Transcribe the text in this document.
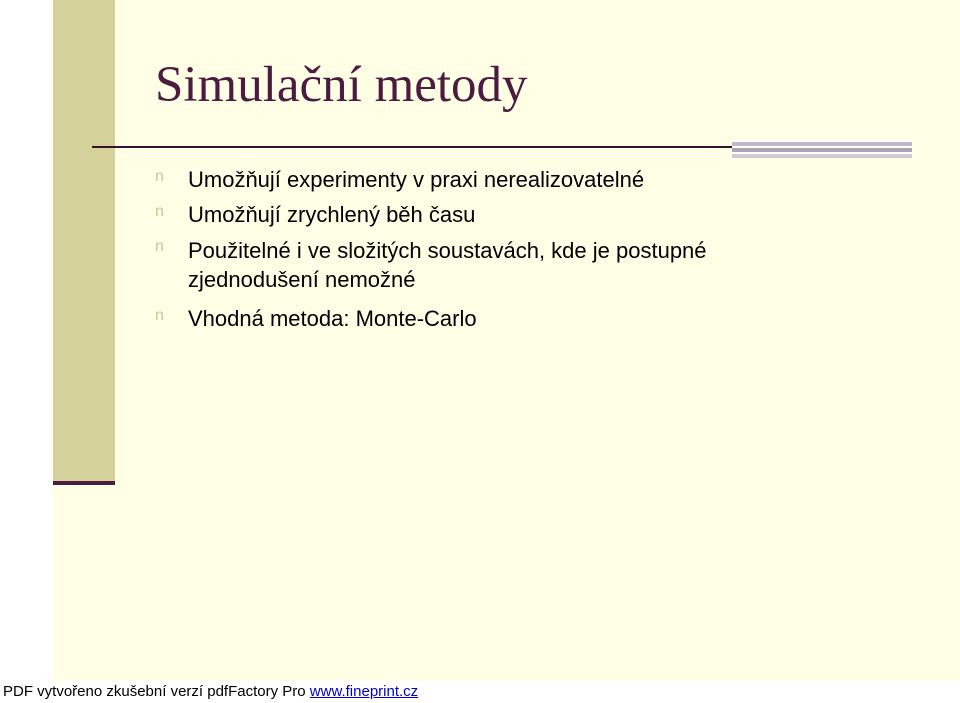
Simulační metody
n Umožňují experimenty v praxi nerealizovatelné
n Umožňují zrychlený běh času
n Použitelné i ve složitých soustavách, kde je postupné zjednodušení nemožné
n Vhodná metoda: Monte-Carlo
PDF vytvořeno zkušební verzí pdfFactory Pro www.fineprint.cz
